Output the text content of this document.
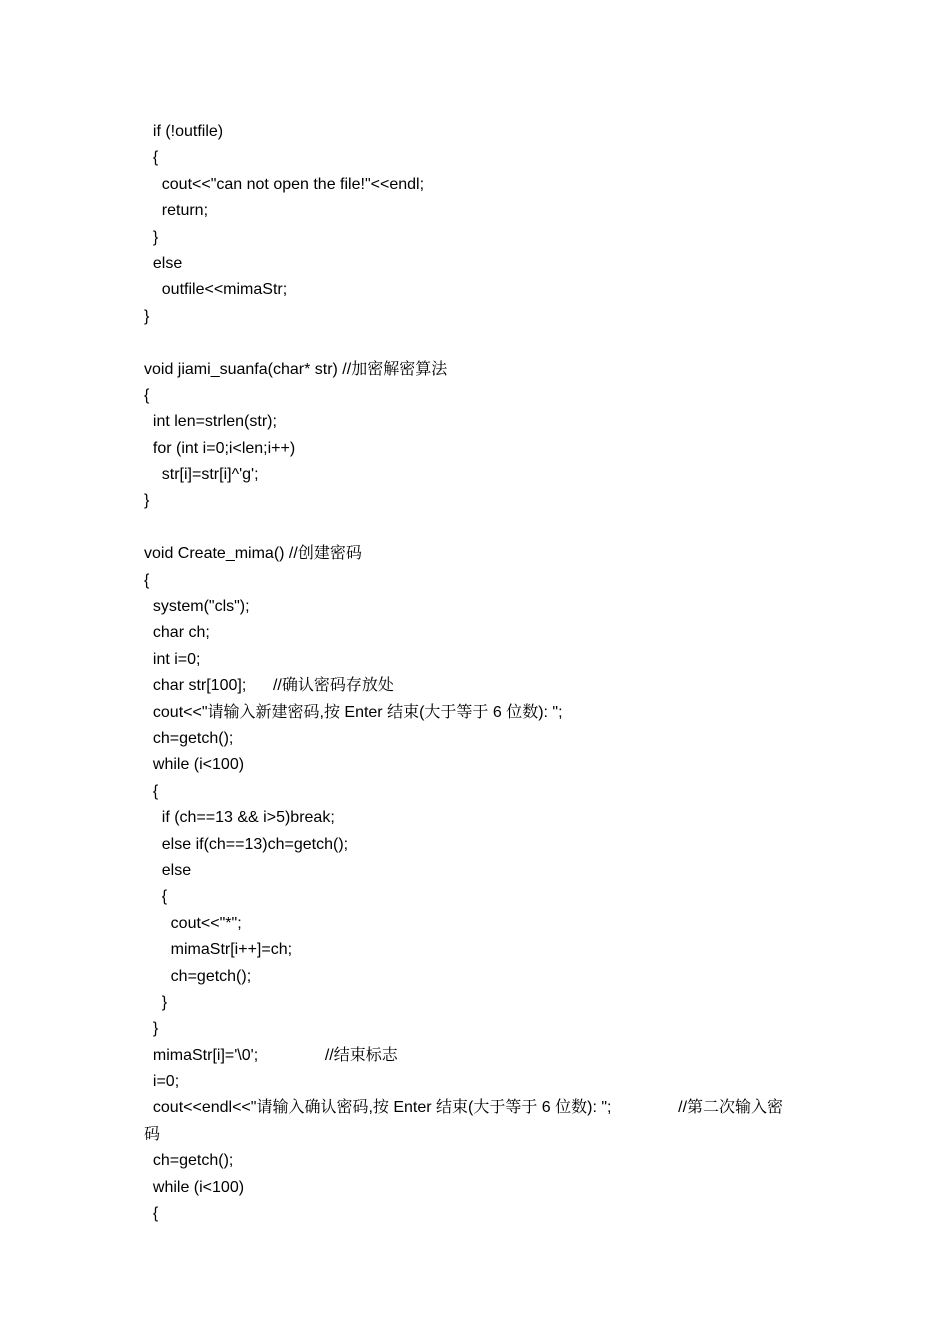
if (!outfile)
{
cout<<"can not open the file!"<<endl;
return;
}
else
outfile<<mimaStr;
}
void jiami_suanfa(char* str) //加密解密算法
{
int len=strlen(str);
for (int i=0;i<len;i++)
str[i]=str[i]^'g';
}
void Create_mima() //创建密码
{
system("cls");
char ch;
int i=0;
char str[100];      //确认密码存放处
cout<<"请输入新建密码,按 Enter 结束(大于等于 6 位数): ";
ch=getch();
while (i<100)
{
if (ch==13 && i>5)break;
else if(ch==13)ch=getch();
else
{
cout<<"*";
mimaStr[i++]=ch;
ch=getch();
}
}
mimaStr[i]='\0';               //结束标志
i=0;
cout<<endl<<"请输入确认密码,按 Enter 结束(大于等于 6 位数): ";               //第二次输入密
码
ch=getch();
while (i<100)
{
